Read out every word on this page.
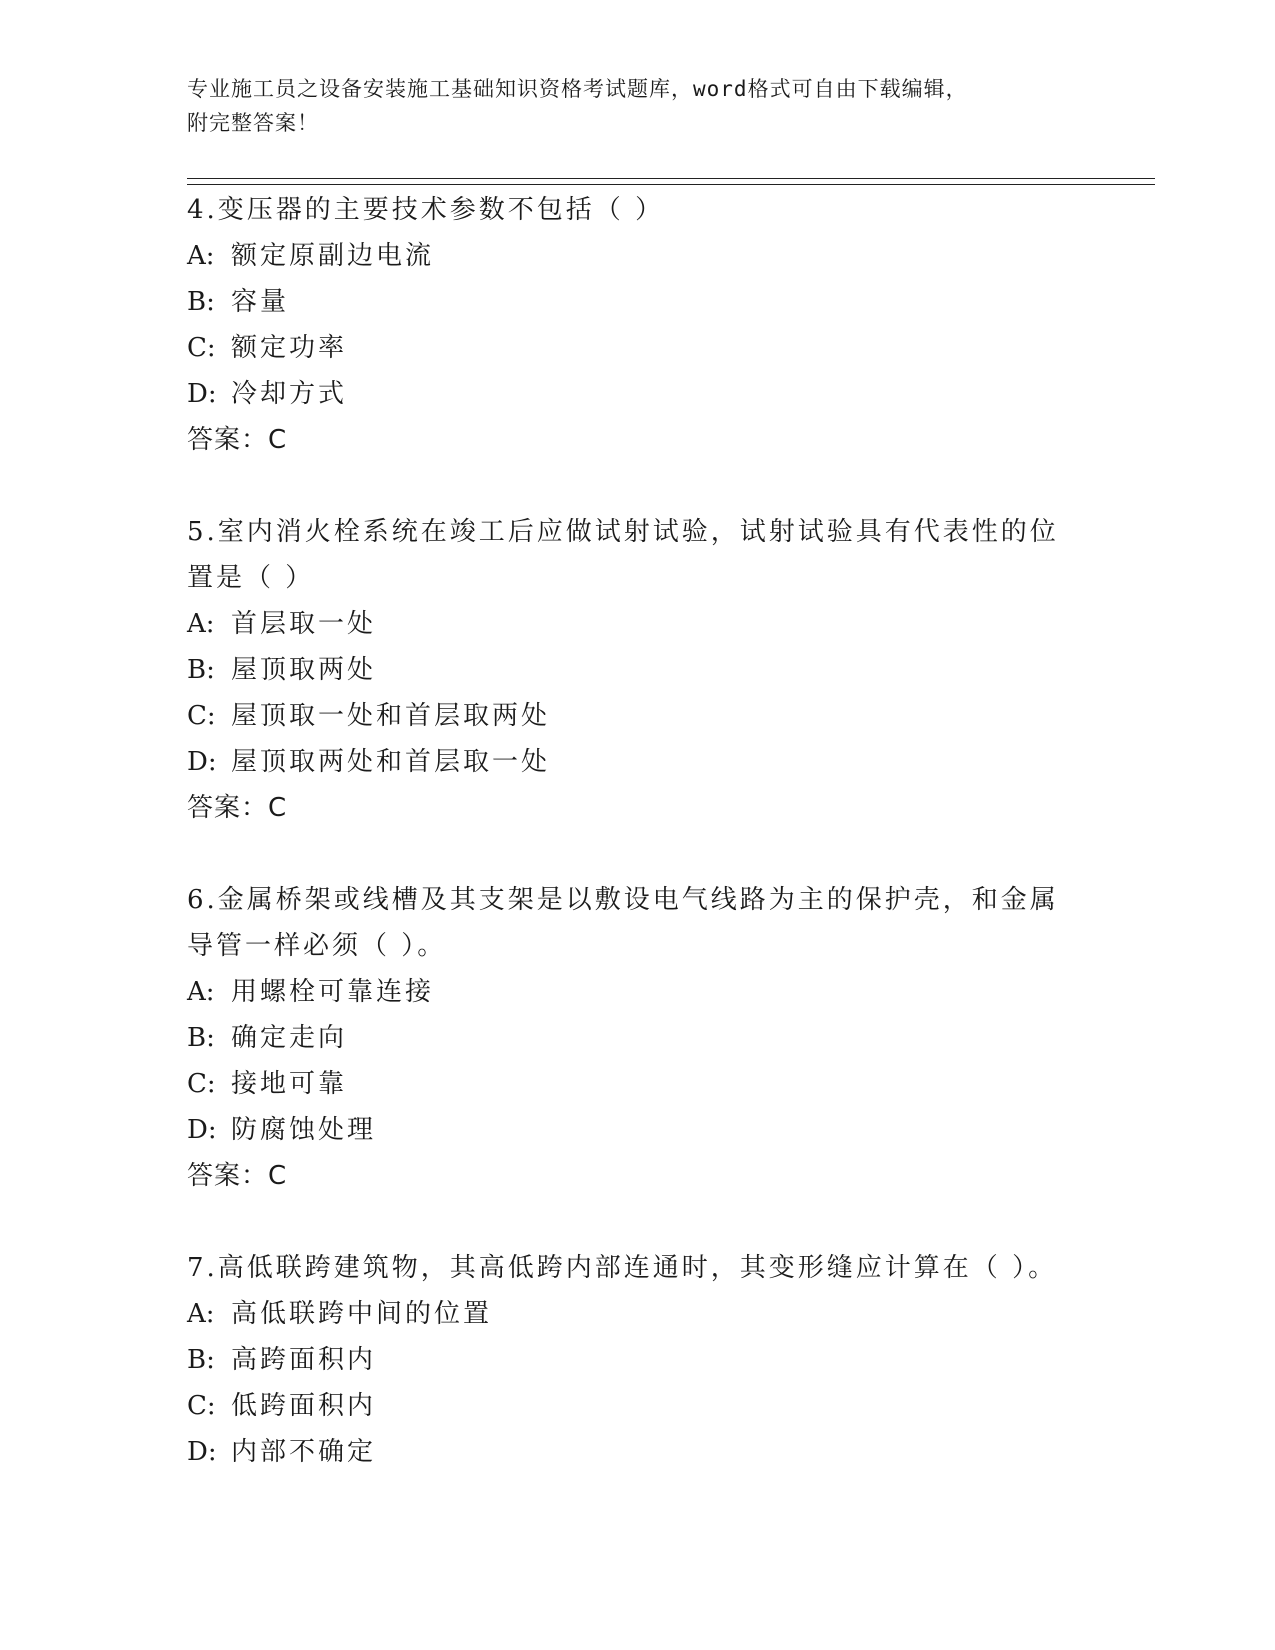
专业施工员之设备安装施工基础知识资格考试题库，word格式可自由下载编辑，
附完整答案！
4.变压器的主要技术参数不包括（ ）
A: 额定原副边电流
B: 容量
C: 额定功率
D: 冷却方式
答案：C
5.室内消火栓系统在竣工后应做试射试验，试射试验具有代表性的位置是（ ）
A: 首层取一处
B: 屋顶取两处
C: 屋顶取一处和首层取两处
D: 屋顶取两处和首层取一处
答案：C
6.金属桥架或线槽及其支架是以敷设电气线路为主的保护壳，和金属导管一样必须（ ）。
A: 用螺栓可靠连接
B: 确定走向
C: 接地可靠
D: 防腐蚀处理
答案：C
7.高低联跨建筑物，其高低跨内部连通时，其变形缝应计算在（ ）。
A: 高低联跨中间的位置
B: 高跨面积内
C: 低跨面积内
D: 内部不确定
